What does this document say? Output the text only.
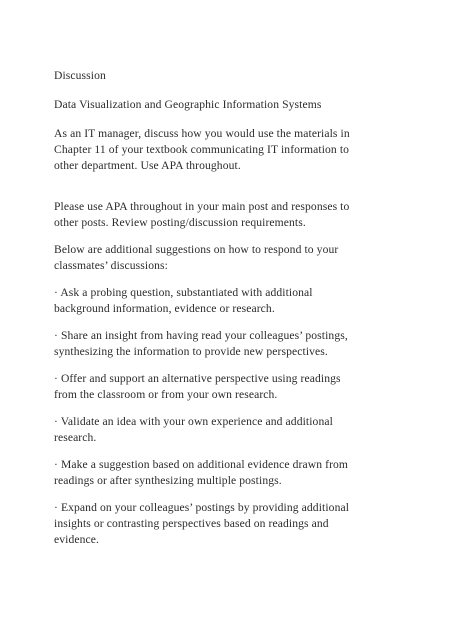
Discussion

Data Visualization and Geographic Information Systems

As an IT manager, discuss how you would use the materials in
Chapter 11 of your textbook communicating IT information to
other department. Use APA throughout.

Please use APA throughout in your main post and responses to
other posts. Review posting/discussion requirements.

Below are additional suggestions on how to respond to your
classmates’ discussions:

· Ask a probing question, substantiated with additional
background information, evidence or research.

· Share an insight from having read your colleagues’ postings,
synthesizing the information to provide new perspectives.

· Offer and support an alternative perspective using readings
from the classroom or from your own research.

· Validate an idea with your own experience and additional
research.

· Make a suggestion based on additional evidence drawn from
readings or after synthesizing multiple postings.

· Expand on your colleagues’ postings by providing additional
insights or contrasting perspectives based on readings and
evidence.
